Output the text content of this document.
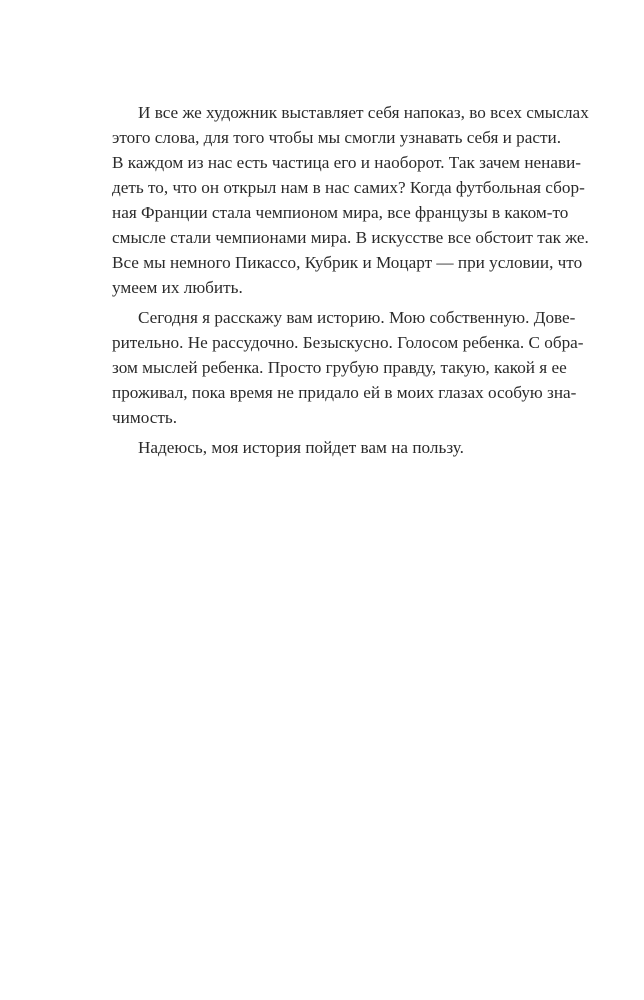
И все же художник выставляет себя напоказ, во всех смыслах
этого слова, для того чтобы мы смогли узнавать себя и расти.
В каждом из нас есть частица его и наоборот. Так зачем ненави-
деть то, что он открыл нам в нас самих? Когда футбольная сбор-
ная Франции стала чемпионом мира, все французы в каком-то
смысле стали чемпионами мира. В искусстве все обстоит так же.
Все мы немного Пикассо, Кубрик и Моцарт — при условии, что
умеем их любить.
Сегодня я расскажу вам историю. Мою собственную. Дове-
рительно. Не рассудочно. Безыскусно. Голосом ребенка. С обра-
зом мыслей ребенка. Просто грубую правду, такую, какой я ее
проживал, пока время не придало ей в моих глазах особую зна-
чимость.
Надеюсь, моя история пойдет вам на пользу.
